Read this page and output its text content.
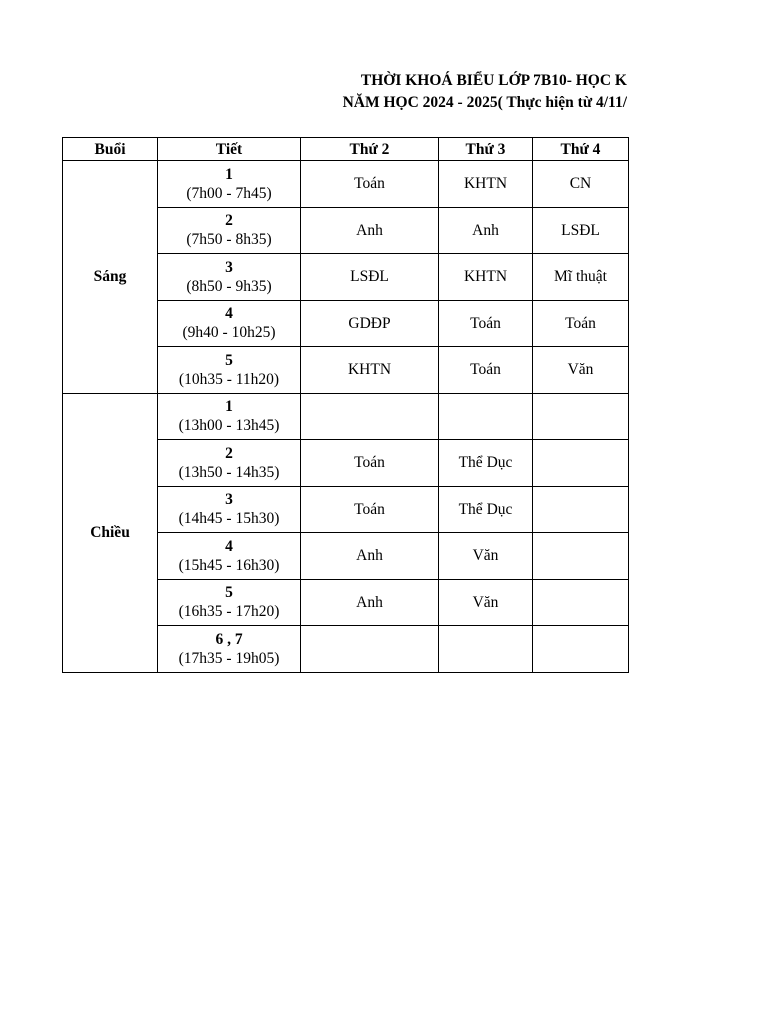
THỜI KHOÁ BIỂU LỚP 7B10- HỌC K
NĂM HỌC 2024 - 2025( Thực hiện từ 4/11/
Buổi	Tiết	Thứ 2	Thứ 3	Thứ 4
Sáng	1
(7h00 - 7h45)	Toán	KHTN	CN

	2
(7h50 - 8h35)	Anh	Anh	LSĐL

	3
(8h50 - 9h35)	LSĐL	KHTN	Mĩ thuật

	4
(9h40 - 10h25)	GDĐP	Toán	Toán

	5
(10h35 - 11h20)	KHTN	Toán	Văn
Chiều	1
(13h00 - 13h45)			

	2
(13h50 - 14h35)	Toán	Thể Dục	

	3
(14h45 - 15h30)	Toán	Thể Dục	

	4
(15h45 - 16h30)	Anh	Văn	

	5
(16h35 - 17h20)	Anh	Văn	

	6 , 7
(17h35 - 19h05)			
